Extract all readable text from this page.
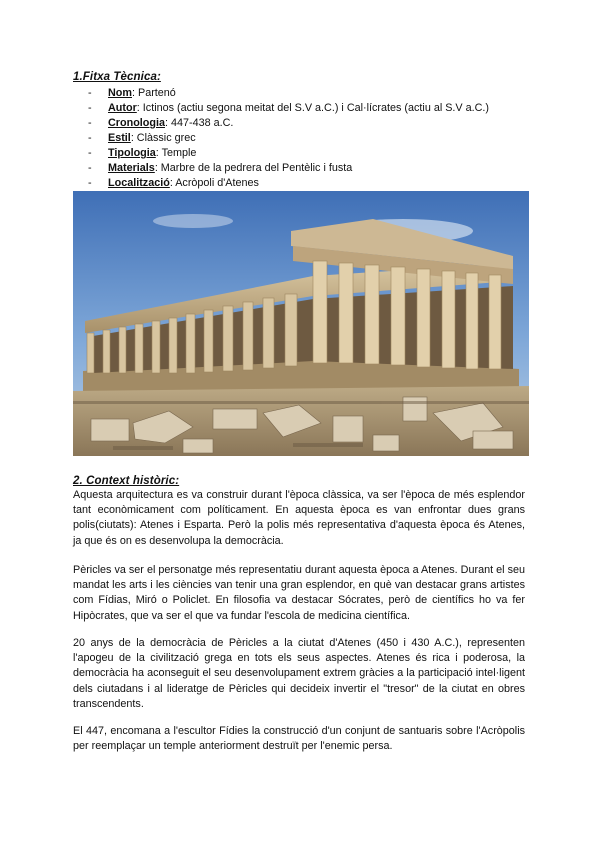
1.Fitxa Tècnica:
- Nom: Partenó
- Autor: Ictinos (actiu segona meitat del S.V a.C.) i Cal·lícrates (actiu al S.V a.C.)
- Cronologia: 447-438 a.C.
- Estil: Clàssic grec
- Tipologia: Temple
- Materials: Marbre de la pedrera del Pentèlic i fusta
- Localització: Acròpoli d'Atenes
2. Context històric:

Aquesta arquitectura es va construir durant l'època clàssica, va ser l'època de més esplendor tant econòmicament com políticament. En aquesta època es van enfrontar dues grans polis(ciutats): Atenes i Esparta. Però la polis més representativa d'aquesta època és Atenes, ja que és on es desenvolupa la democràcia.

Pèricles va ser el personatge més representatiu durant aquesta època a Atenes. Durant el seu mandat les arts i les ciències van tenir una gran esplendor, en què van destacar grans artistes com Fídias, Miró o Policlet. En filosofia va destacar Sócrates, però de científics ho va fer Hipòcrates, que va ser el que va fundar l'escola de medicina científica.

20 anys de la democràcia de Pèricles a la ciutat d'Atenes (450 i 430 A.C.), representen l'apogeu de la civilització grega en tots els seus aspectes. Atenes és rica i poderosa, la democràcia ha aconseguit el seu desenvolupament extrem gràcies a la participació intel·ligent dels ciutadans i al lideratge de Pèricles qui decideix invertir el "tresor" de la ciutat en obres transcendents.

El 447, encomana a l'escultor Fídies la construcció d'un conjunt de santuaris sobre l'Acròpolis per reemplaçar un temple anteriorment destruït per l'enemic persa.
